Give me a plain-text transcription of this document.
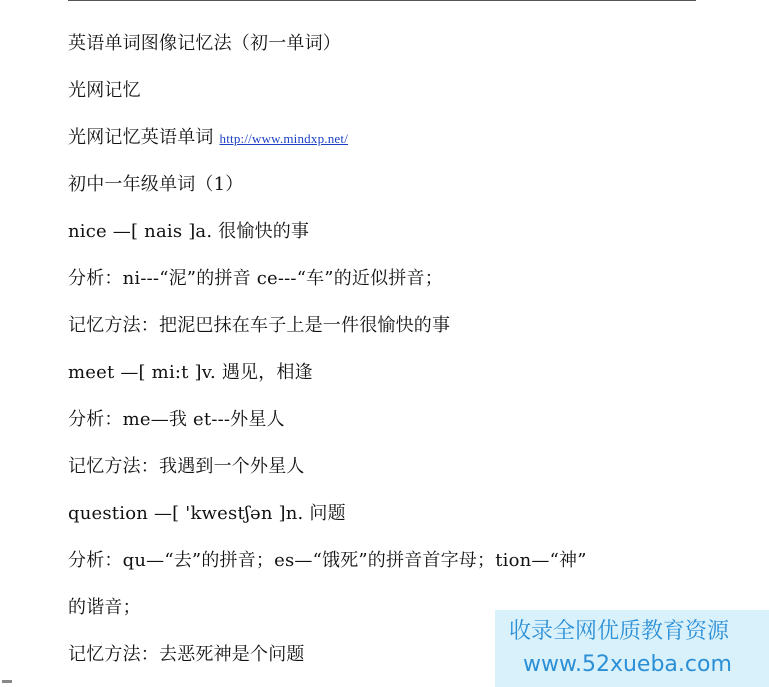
英语单词图像记忆法（初一单词）
光网记忆
光网记忆英语单词 http://www.mindxp.net/
初中一年级单词（1）
nice —[ nais ]a. 很愉快的事
分析：ni---“泥”的拼音 ce---“车”的近似拼音；
记忆方法：把泥巴抹在车子上是一件很愉快的事
meet —[ mi:t ]v. 遇见，相逢
分析：me—我 et---外星人
记忆方法：我遇到一个外星人
question —[ 'kwestʃən ]n. 问题
分析：qu—“去”的拼音；es—“饿死”的拼音首字母；tion—“神”
的谐音；
记忆方法：去恶死神是个问题
收录全网优质教育资源
www.52xueba.com
